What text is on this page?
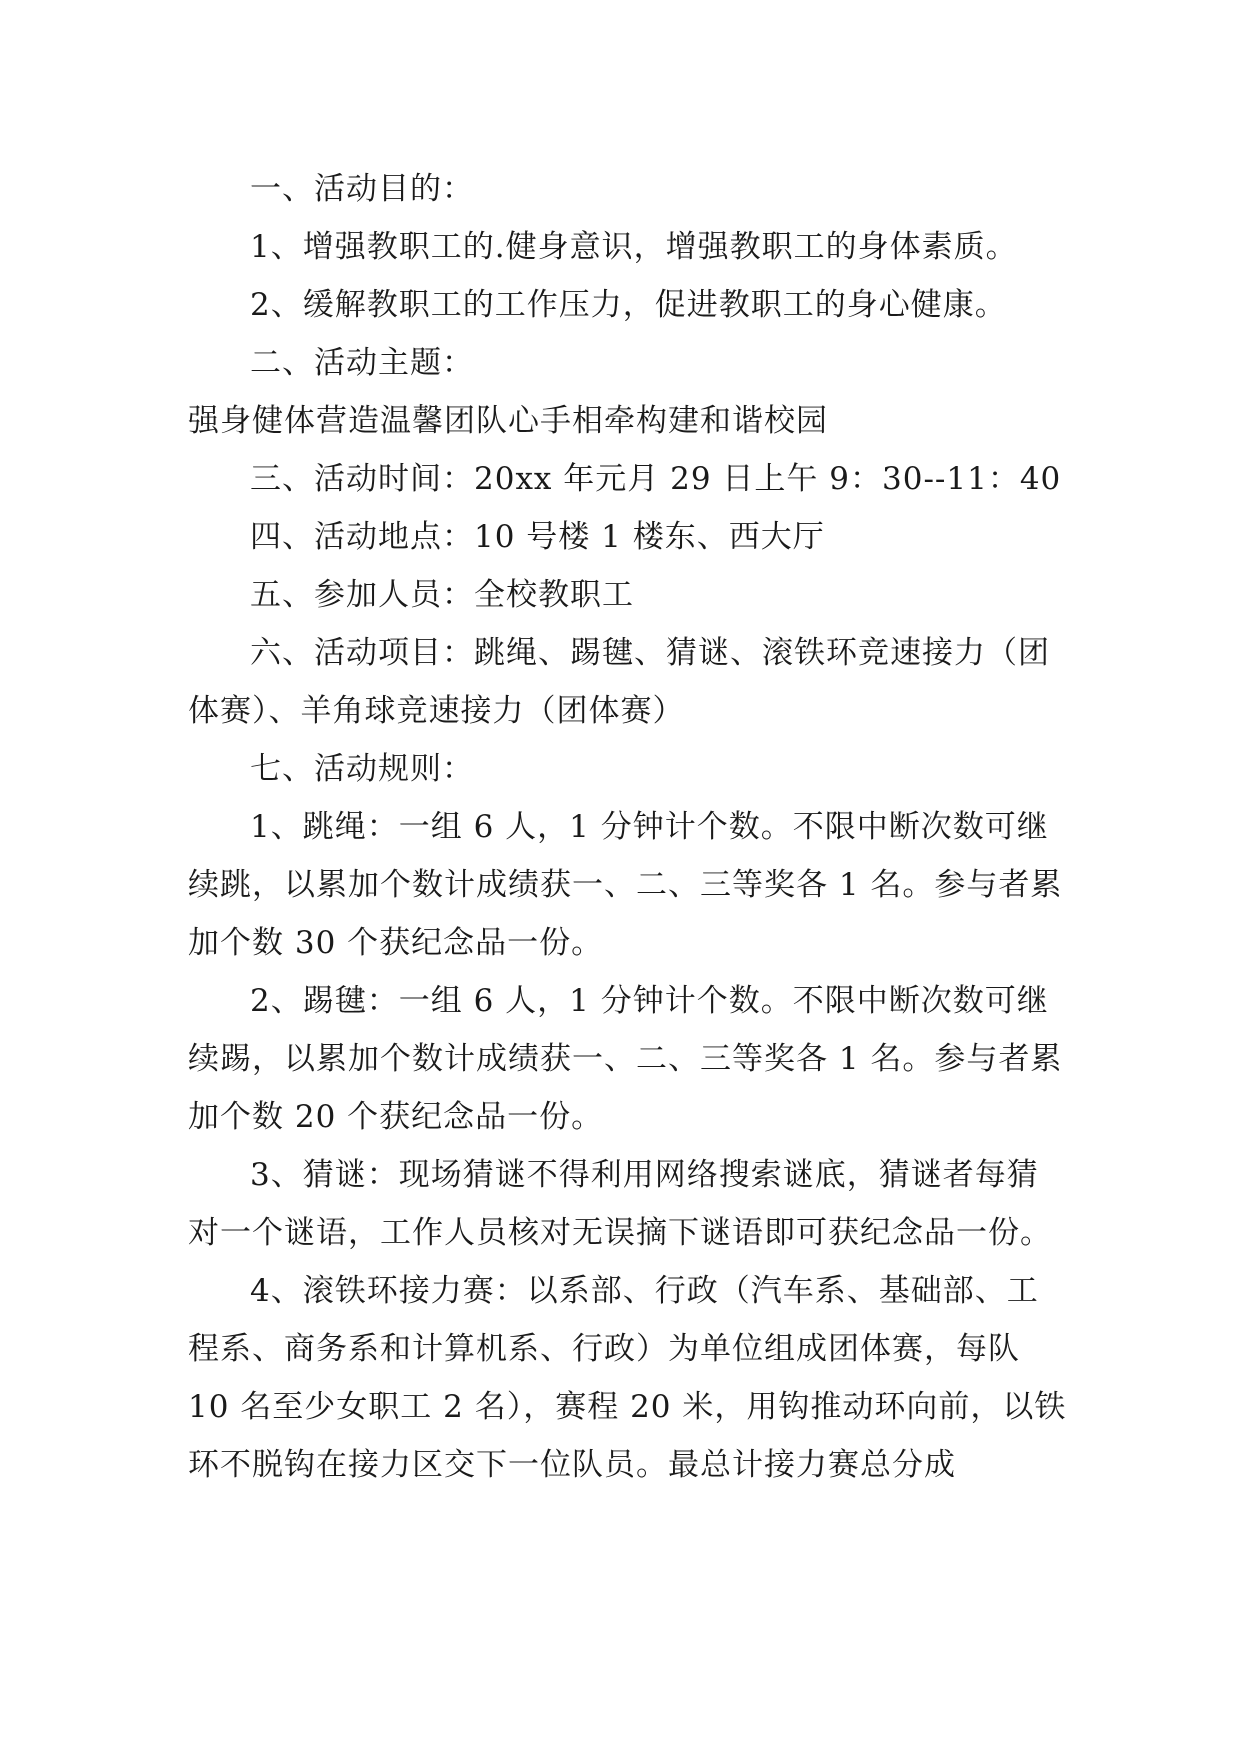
一、活动目的：

1、增强教职工的.健身意识，增强教职工的身体素质。

2、缓解教职工的工作压力，促进教职工的身心健康。

二、活动主题：

强身健体营造温馨团队心手相牵构建和谐校园

三、活动时间：20xx 年元月 29 日上午 9：30--11：40

四、活动地点：10 号楼 1 楼东、西大厅

五、参加人员：全校教职工

六、活动项目：跳绳、踢毽、猜谜、滚铁环竞速接力（团体赛）、羊角球竞速接力（团体赛）

七、活动规则：

1、跳绳：一组 6 人，1 分钟计个数。不限中断次数可继续跳，以累加个数计成绩获一、二、三等奖各 1 名。参与者累加个数 30 个获纪念品一份。

2、踢毽：一组 6 人，1 分钟计个数。不限中断次数可继续踢，以累加个数计成绩获一、二、三等奖各 1 名。参与者累加个数 20 个获纪念品一份。

3、猜谜：现场猜谜不得利用网络搜索谜底，猜谜者每猜对一个谜语，工作人员核对无误摘下谜语即可获纪念品一份。

4、滚铁环接力赛：以系部、行政（汽车系、基础部、工程系、商务系和计算机系、行政）为单位组成团体赛，每队 10 名至少女职工 2 名），赛程 20 米，用钩推动环向前，以铁环不脱钩在接力区交下一位队员。最总计接力赛总分成
